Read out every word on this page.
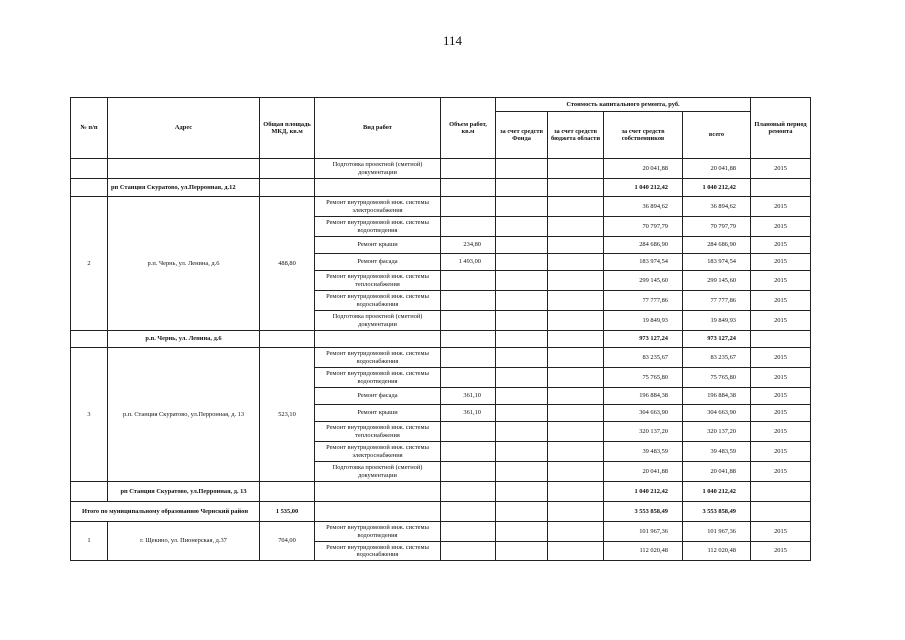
114
№ п/п	Адрес	Общая площадь МКД, кв.м	Вид работ	Объем работ, кв.м	Стоимость капитального ремонта, руб.				Плановый период ремонта
					за счет средств Фонда	за счет средств бюджета области	за счет средств собственников	всего	
			Подготовка проектной (сметной) документации				20 041,88	20 041,88	2015
	рп Станция Скуратово, ул.Перронная, д.12						1 040 212,42	1 040 212,42	
2	р.п. Чернь, ул. Ленина, д.6	488,80	Ремонт внутридомовой инж. системы электроснабжения				36 894,62	36 894,62	2015
			Ремонт внутридомовой инж. системы водоотведения				70 797,79	70 797,79	2015
			Ремонт крыши	234,80			284 686,90	284 686,90	2015
			Ремонт фасада	1 493,00			183 974,54	183 974,54	2015
			Ремонт внутридомовой инж. системы теплоснабжения				299 145,60	299 145,60	2015
			Ремонт внутридомовой инж. системы водоснабжения				77 777,86	77 777,86	2015
			Подготовка проектной (сметной) документации				19 849,93	19 849,93	2015
	р.п. Чернь, ул. Ленина, д.6						973 127,24	973 127,24	
3	р.п. Станция Скуратово, ул.Перронная, д. 13	523,10	Ремонт внутридомовой инж. системы водоснабжения				83 235,67	83 235,67	2015
			Ремонт внутридомовой инж. системы водоотведения				75 765,80	75 765,80	2015
			Ремонт фасада	361,10			196 884,38	196 884,38	2015
			Ремонт крыши	361,10			304 663,90	304 663,90	2015
			Ремонт внутридомовой инж. системы теплоснабжения				320 137,20	320 137,20	2015
			Ремонт внутридомовой инж. системы электроснабжения				39 483,59	39 483,59	2015
			Подготовка проектной (сметной) документации				20 041,88	20 041,88	2015
	рп Станция Скуратово, ул.Перронная, д. 13						1 040 212,42	1 040 212,42	
Итого по муниципальному образованию Чернский район		1 535,00					3 553 858,49	3 553 858,49	
1	г. Щекино, ул. Пионерская, д.37	704,00	Ремонт внутридомовой инж. системы водоотведения				101 967,36	101 967,36	2015
			Ремонт внутридомовой инж. системы водоснабжения				112 020,48	112 020,48	2015
